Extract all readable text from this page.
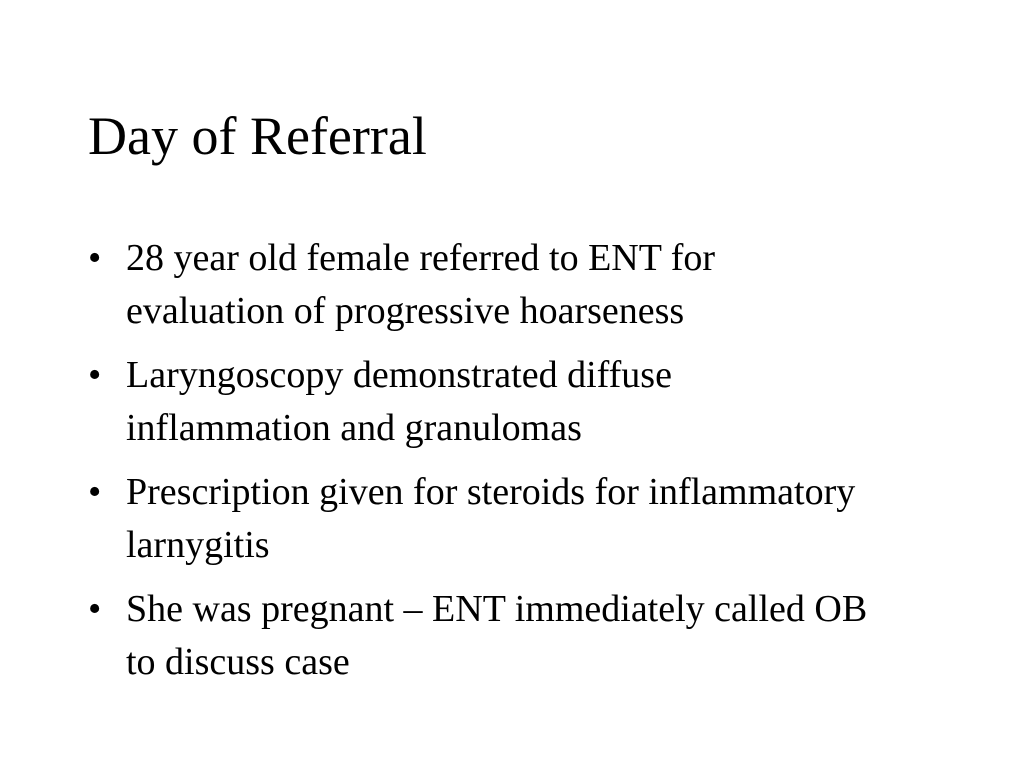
Day of Referral
• 28 year old female referred to ENT for evaluation of progressive hoarseness
• Laryngoscopy demonstrated diffuse inflammation and granulomas
• Prescription given for steroids for inflammatory larnygitis
• She was pregnant – ENT immediately called OB to discuss case
